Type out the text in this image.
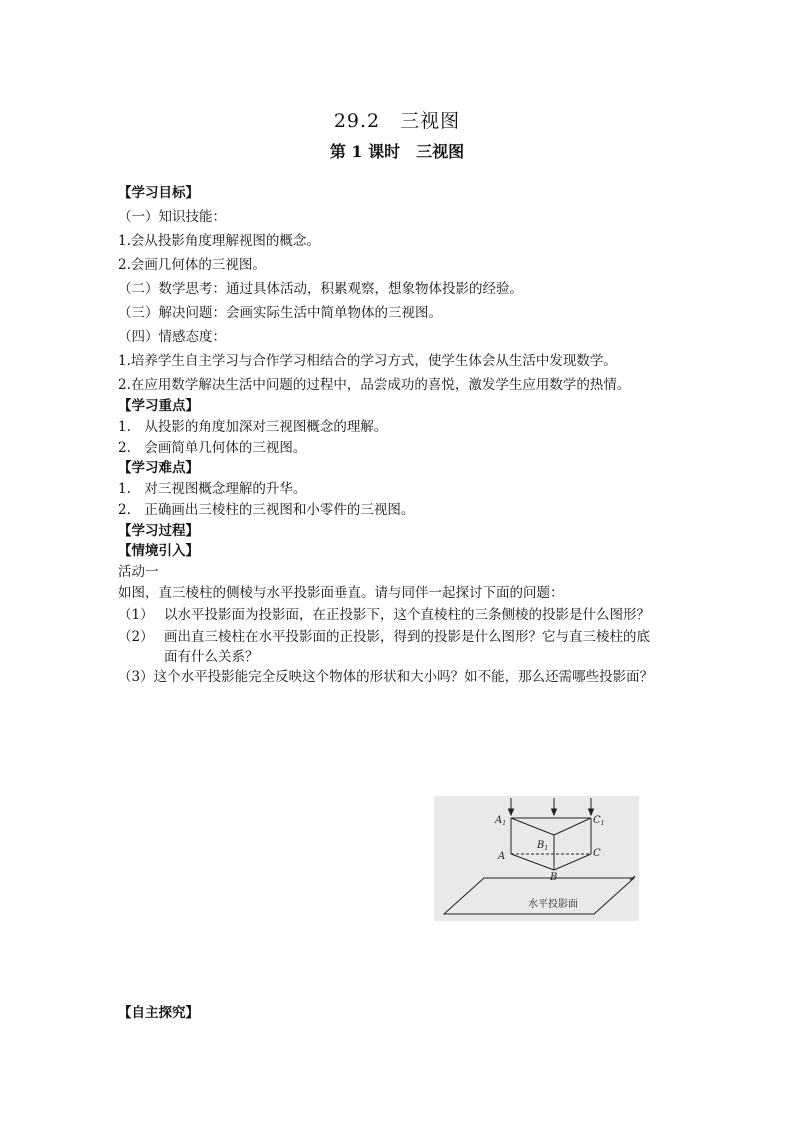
29.2　三视图
第 1 课时　三视图
【学习目标】
（一）知识技能：
1.会从投影角度理解视图的概念。
2.会画几何体的三视图。
（二）数学思考：通过具体活动，积累观察，想象物体投影的经验。
（三）解决问题：会画实际生活中简单物体的三视图。
（四）情感态度：
1.培养学生自主学习与合作学习相结合的学习方式，使学生体会从生活中发现数学。
2.在应用数学解决生活中问题的过程中，品尝成功的喜悦，激发学生应用数学的热情。
【学习重点】
1.　从投影的角度加深对三视图概念的理解。
2.　会画简单几何体的三视图。
【学习难点】
1.　对三视图概念理解的升华。
2.　正确画出三棱柱的三视图和小零件的三视图。
【学习过程】
【情境引入】
活动一
如图，直三棱柱的侧棱与水平投影面垂直。请与同伴一起探讨下面的问题：
（1） 以水平投影面为投影面，在正投影下，这个直棱柱的三条侧棱的投影是什么图形？
（2） 画出直三棱柱在水平投影面的正投影，得到的投影是什么图形？它与直三棱柱的底
面有什么关系？
（3）这个水平投影能完全反映这个物体的形状和大小吗？如不能，那么还需哪些投影面？
$A_1$	$C_1$
$B_1$
A
B
C
水平投影面
【自主探究】
